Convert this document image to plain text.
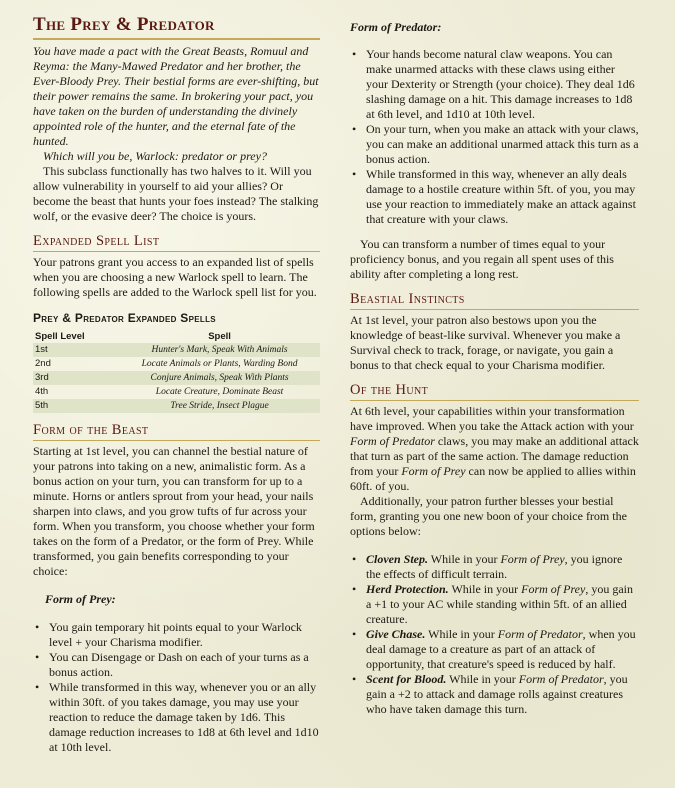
The Prey & Predator

You have made a pact with the Great Beasts, Romuul and Reyma: the Many-Mawed Predator and her brother, the Ever-Bloody Prey. Their bestial forms are ever-shifting, but their power remains the same. In brokering your pact, you have taken on the burden of understanding the divinely appointed role of the hunter, and the eternal fate of the hunted.

Which will you be, Warlock: predator or prey?

This subclass functionally has two halves to it. Will you allow vulnerability in yourself to aid your allies? Or become the beast that hunts your foes instead? The stalking wolf, or the evasive deer? The choice is yours.

Expanded Spell List

Your patrons grant you access to an expanded list of spells when you are choosing a new Warlock spell to learn. The following spells are added to the Warlock spell list for you.

Prey & Predator Expanded Spells
Spell Level	Spell
1st	Hunter's Mark, Speak With Animals
2nd	Locate Animals or Plants, Warding Bond
3rd	Conjure Animals, Speak With Plants
4th	Locate Creature, Dominate Beast
5th	Tree Stride, Insect Plague
Form of the Beast

Starting at 1st level, you can channel the bestial nature of your patrons into taking on a new, animalistic form. As a bonus action on your turn, you can transform for up to a minute. Horns or antlers sprout from your head, your nails sharpen into claws, and you grow tufts of fur across your form. When you transform, you choose whether your form takes on the form of a Predator, or the form of Prey. While transformed, you gain benefits corresponding to your choice:

Form of Prey:
• You gain temporary hit points equal to your Warlock level + your Charisma modifier.
• You can Disengage or Dash on each of your turns as a bonus action.
• While transformed in this way, whenever you or an ally within 30ft. of you takes damage, you may use your reaction to reduce the damage taken by 1d6. This damage reduction increases to 1d8 at 6th level and 1d10 at 10th level.
Form of Predator:
• Your hands become natural claw weapons. You can make unarmed attacks with these claws using either your Dexterity or Strength (your choice). They deal 1d6 slashing damage on a hit. This damage increases to 1d8 at 6th level, and 1d10 at 10th level.
• On your turn, when you make an attack with your claws, you can make an additional unarmed attack this turn as a bonus action.
• While transformed in this way, whenever an ally deals damage to a hostile creature within 5ft. of you, you may use your reaction to immediately make an attack against that creature with your claws.

You can transform a number of times equal to your proficiency bonus, and you regain all spent uses of this ability after completing a long rest.

Beastial Instincts

At 1st level, your patron also bestows upon you the knowledge of beast-like survival. Whenever you make a Survival check to track, forage, or navigate, you gain a bonus to that check equal to your Charisma modifier.

Of the Hunt

At 6th level, your capabilities within your transformation have improved. When you take the Attack action with your Form of Predator claws, you may make an additional attack that turn as part of the same action. The damage reduction from your Form of Prey can now be applied to allies within 60ft. of you.

Additionally, your patron further blesses your bestial form, granting you one new boon of your choice from the options below:

• Cloven Step. While in your Form of Prey, you ignore the effects of difficult terrain.
• Herd Protection. While in your Form of Prey, you gain a +1 to your AC while standing within 5ft. of an allied creature.
• Give Chase. While in your Form of Predator, when you deal damage to a creature as part of an attack of opportunity, that creature's speed is reduced by half.
• Scent for Blood. While in your Form of Predator, you gain a +2 to attack and damage rolls against creatures who have taken damage this turn.
